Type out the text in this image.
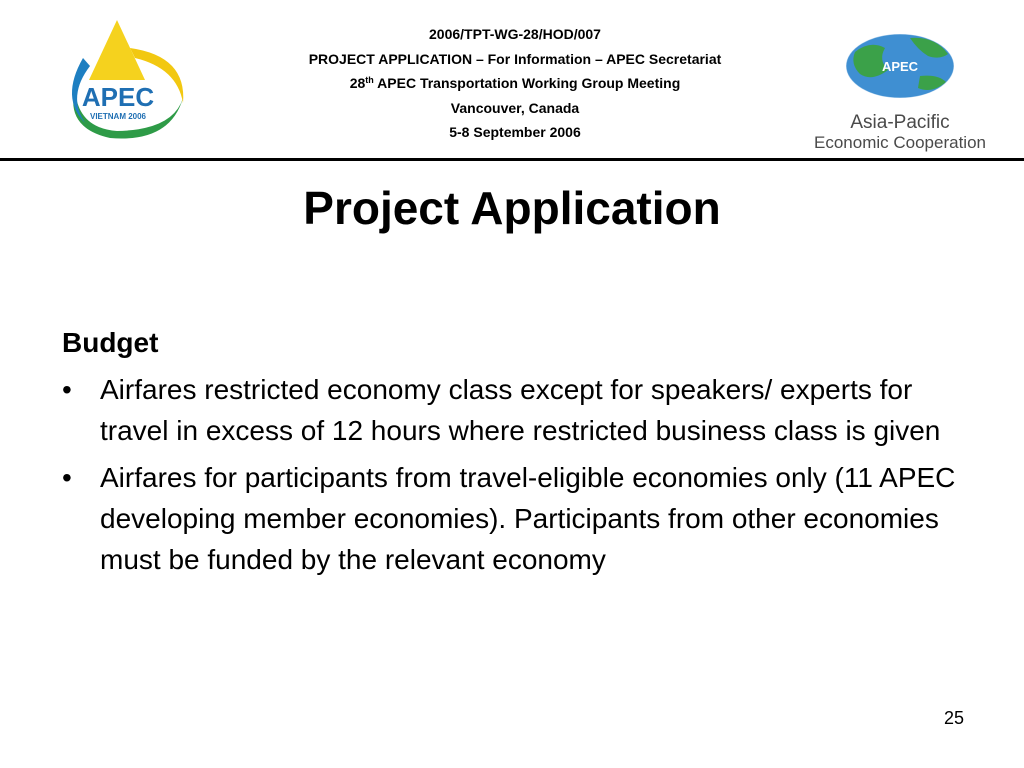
APEC
VIETNAM 2006
2006/TPT-WG-28/HOD/007
PROJECT APPLICATION – For Information – APEC Secretariat
28th APEC Transportation Working Group Meeting
Vancouver, Canada
5-8 September 2006
APEC
Asia-Pacific
Economic Cooperation
Project Application
Budget
• Airfares restricted economy class except for speakers/ experts for travel in excess of 12 hours where restricted business class is given
• Airfares for participants from travel-eligible economies only (11 APEC developing member economies). Participants from other economies must be funded by the relevant economy
25
